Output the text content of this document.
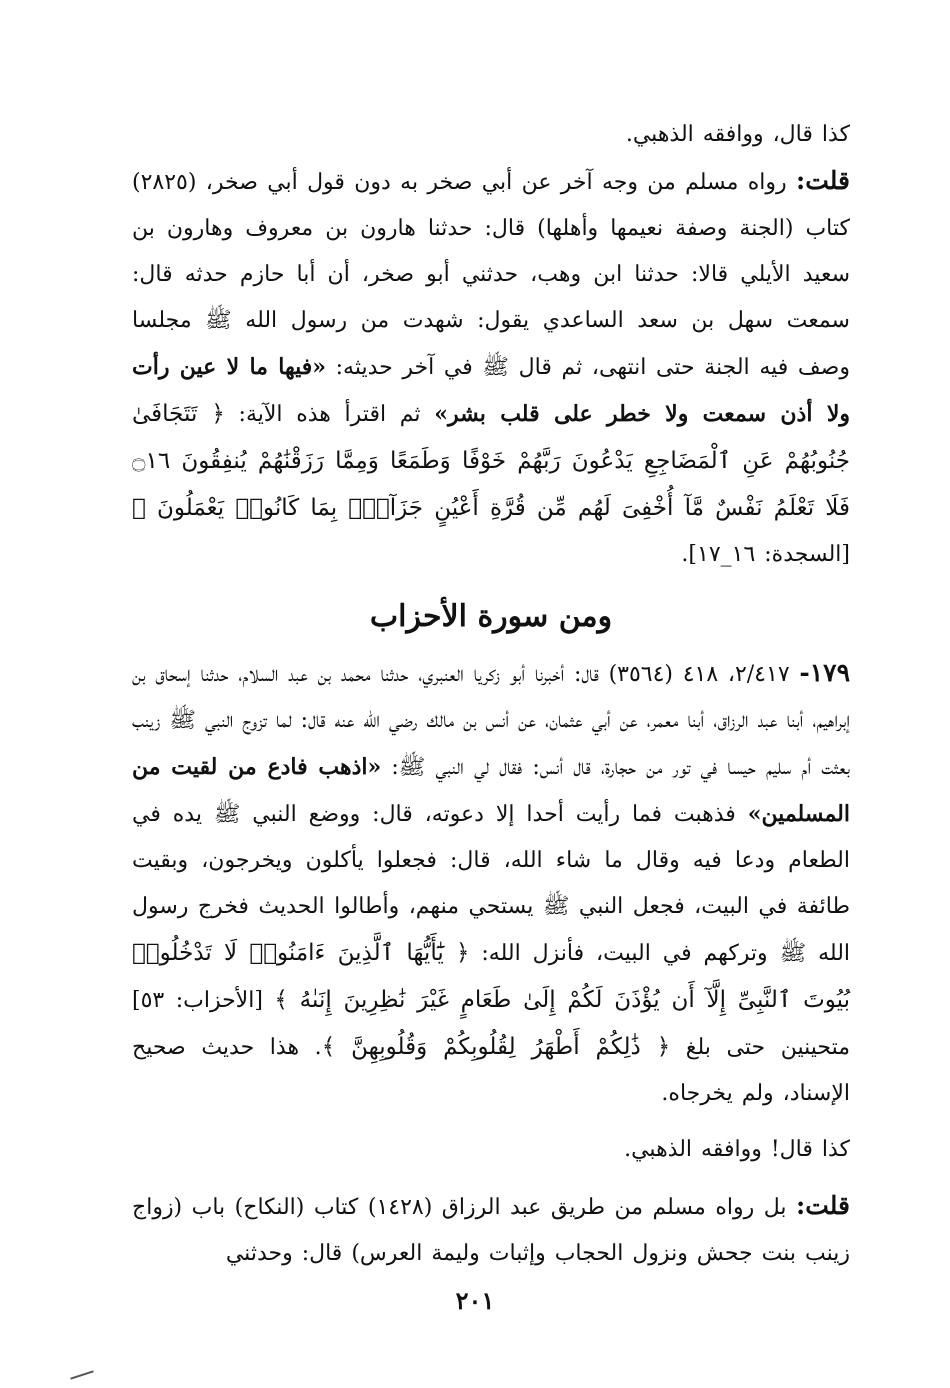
كذا قال، ووافقه الذهبي.

قلت: رواه مسلم من وجه آخر عن أبي صخر به دون قول أبي صخر، (٢٨٢٥) كتاب (الجنة وصفة نعيمها وأهلها) قال: حدثنا هارون بن معروف وهارون بن سعيد الأيلي قالا: حدثنا ابن وهب، حدثني أبو صخر، أن أبا حازم حدثه قال: سمعت سهل بن سعد الساعدي يقول: شهدت من رسول الله ﷺ مجلسا وصف فيه الجنة حتى انتهى، ثم قال ﷺ في آخر حديثه: «فيها ما لا عين رأت ولا أذن سمعت ولا خطر على قلب بشر» ثم اقترأ هذه الآية: ﴿ تَتَجَافَىٰ جُنُوبُهُمْ عَنِ ٱلْمَضَاجِعِ يَدْعُونَ رَبَّهُمْ خَوْفًا وَطَمَعًا وَمِمَّا رَزَقْنَٰهُمْ يُنفِقُونَ ۝١٦ فَلَا تَعْلَمُ نَفْسٌ مَّآ أُخْفِىَ لَهُم مِّن قُرَّةِ أَعْيُنٍ جَزَآءًۢ بِمَا كَانُوا۟ يَعْمَلُونَ ﴾ [السجدة: ١٦_١٧].

ومن سورة الأحزاب

١٧٩- ٢/٤١٧، ٤١٨ (٣٥٦٤) قال: أخبرنا أبو زكريا العنبري، حدثنا محمد بن عبد السلام، حدثنا إسحاق بن إبراهيم، أبنا عبد الرزاق، أبنا معمر، عن أبي عثمان، عن أنس بن مالك رضي الله عنه قال: لما تزوج النبي ﷺ زينب بعثت أم سليم حيسا في تور من حجارة، قال أنس: فقال لي النبي ﷺ: «اذهب فادع من لقيت من المسلمين» فذهبت فما رأيت أحدا إلا دعوته، قال: ووضع النبي ﷺ يده في الطعام ودعا فيه وقال ما شاء الله، قال: فجعلوا يأكلون ويخرجون، وبقيت طائفة في البيت، فجعل النبي ﷺ يستحي منهم، وأطالوا الحديث فخرج رسول الله ﷺ وتركهم في البيت، فأنزل الله: ﴿ يَٰٓأَيُّهَا ٱلَّذِينَ ءَامَنُوا۟ لَا تَدْخُلُوا۟ بُيُوتَ ٱلنَّبِىِّ إِلَّآ أَن يُؤْذَنَ لَكُمْ إِلَىٰ طَعَامٍ غَيْرَ نَٰظِرِينَ إِنَىٰهُ ﴾ [الأحزاب: ٥٣] متحينين حتى بلغ ﴿ ذَٰلِكُمْ أَطْهَرُ لِقُلُوبِكُمْ وَقُلُوبِهِنَّ ﴾. هذا حديث صحيح الإسناد، ولم يخرجاه.

كذا قال! ووافقه الذهبي.

قلت: بل رواه مسلم من طريق عبد الرزاق (١٤٢٨) كتاب (النكاح) باب (زواج زينب بنت جحش ونزول الحجاب وإثبات وليمة العرس) قال: وحدثني

٢٠١
